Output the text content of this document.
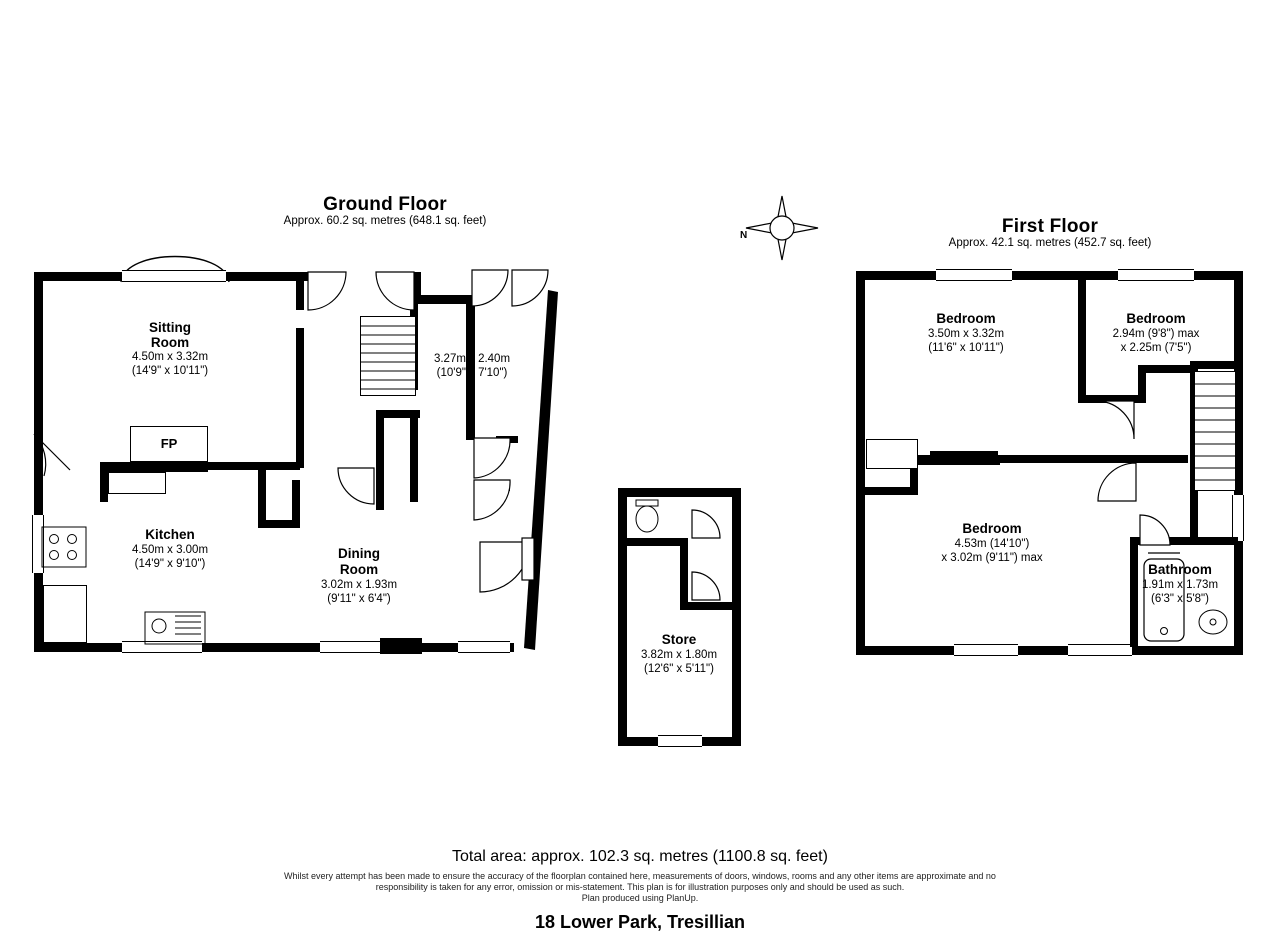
Ground Floor
Approx. 60.2 sq. metres (648.1 sq. feet)	First Floor
Approx. 42.1 sq. metres (452.7 sq. feet)
N
FP
Sitting
Room
4.50m x 3.32m
(14'9" x 10'11")
3.27m x 2.40m
(10'9" x 7'10")
Kitchen
4.50m x 3.00m
(14'9" x 9'10")
Dining
Room
3.02m x 1.93m
(9'11" x 6'4")
Store
3.82m x 1.80m
(12'6" x 5'11")
Bedroom
3.50m x 3.32m
(11'6" x 10'11")
Bedroom
2.94m (9'8") max
x 2.25m (7'5")
Bedroom
4.53m (14'10")
x 3.02m (9'11") max
Bathroom
1.91m x 1.73m
(6'3" x 5'8")
Total area: approx. 102.3 sq. metres (1100.8 sq. feet)
Whilst every attempt has been made to ensure the accuracy of the floorplan contained here, measurements of doors, windows, rooms and any other items are approximate and no
responsibility is taken for any error, omission or mis-statement. This plan is for illustration purposes only and should be used as such.
Plan produced using PlanUp.
18 Lower Park, Tresillian
